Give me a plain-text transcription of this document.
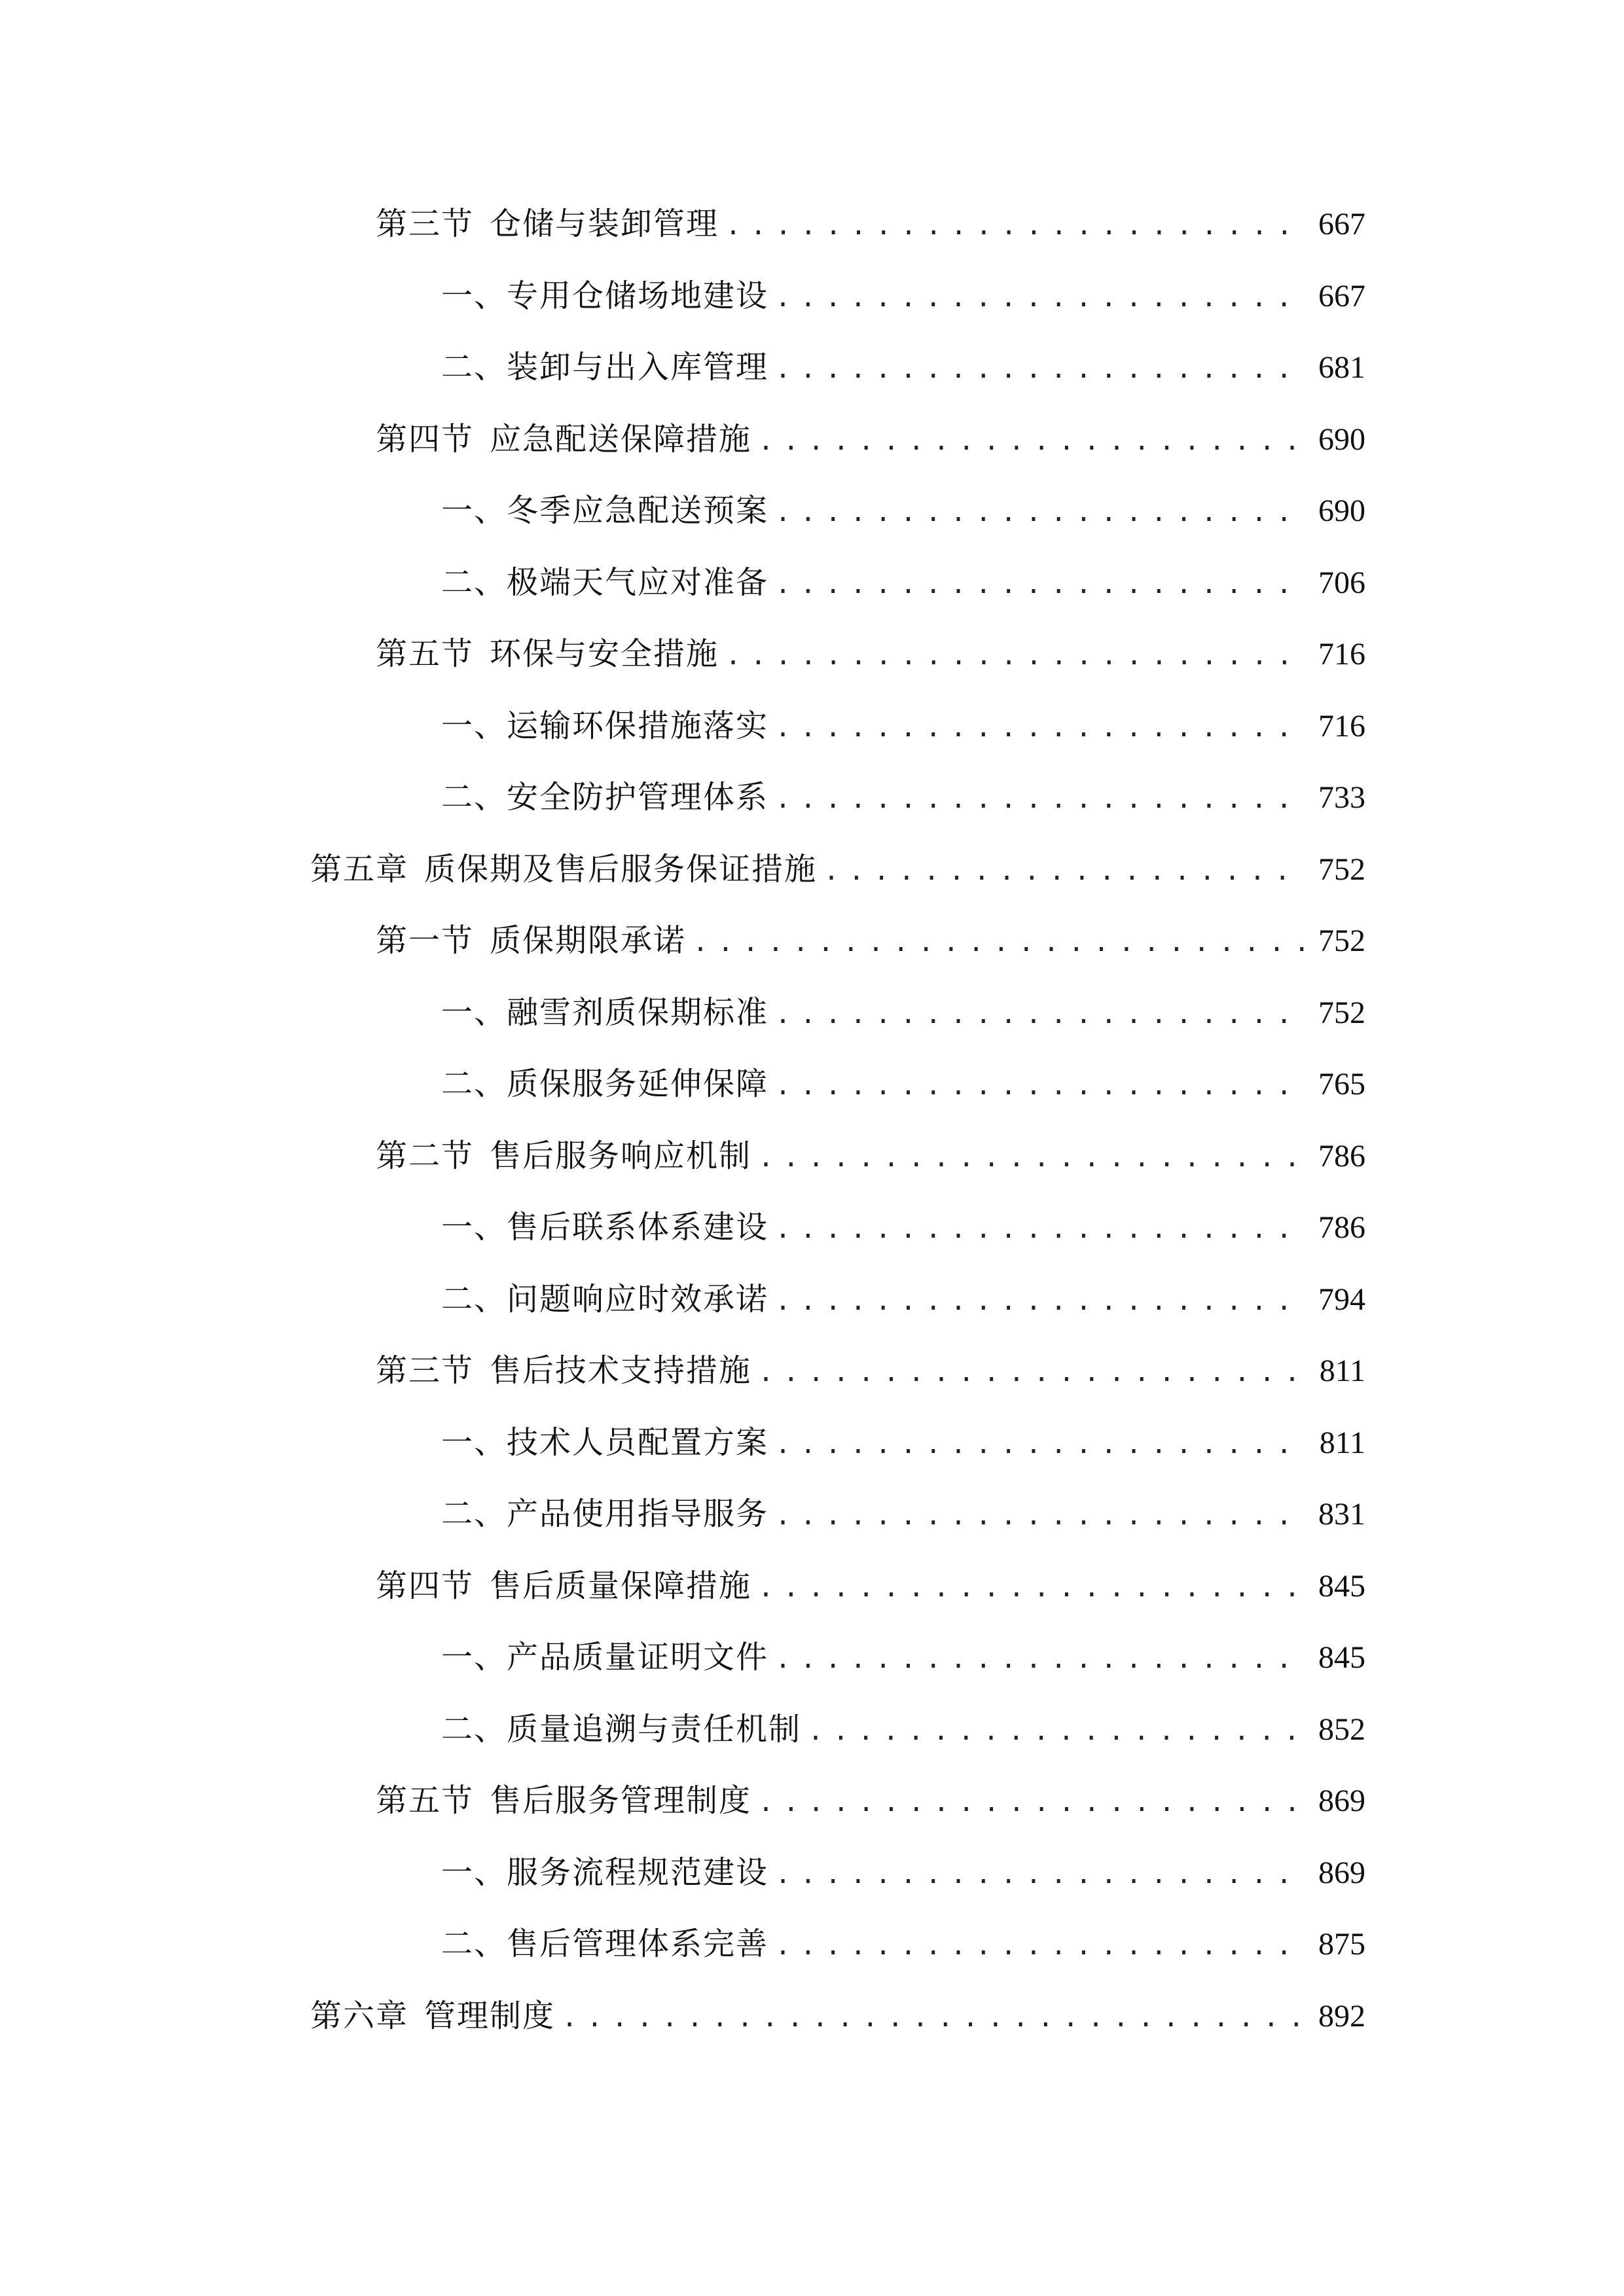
第三节 仓储与装卸管理 .....	667
一、 专用仓储场地建设 .....	667
二、 装卸与出入库管理 .....	681
第四节 应急配送保障措施 .....	690
一、 冬季应急配送预案 .....	690
二、 极端天气应对准备 .....	706
第五节 环保与安全措施 .....	716
一、 运输环保措施落实 .....	716
二、 安全防护管理体系 .....	733
第五章 质保期及售后服务保证措施 .....	752
第一节 质保期限承诺 .....	752
一、 融雪剂质保期标准 .....	752
二、 质保服务延伸保障 .....	765
第二节 售后服务响应机制 .....	786
一、 售后联系体系建设 .....	786
二、 问题响应时效承诺 .....	794
第三节 售后技术支持措施 .....	811
一、 技术人员配置方案 .....	811
二、 产品使用指导服务 .....	831
第四节 售后质量保障措施 .....	845
一、 产品质量证明文件 .....	845
二、 质量追溯与责任机制 .....	852
第五节 售后服务管理制度 .....	869
一、 服务流程规范建设 .....	869
二、 售后管理体系完善 .....	875
第六章 管理制度 .....	892
